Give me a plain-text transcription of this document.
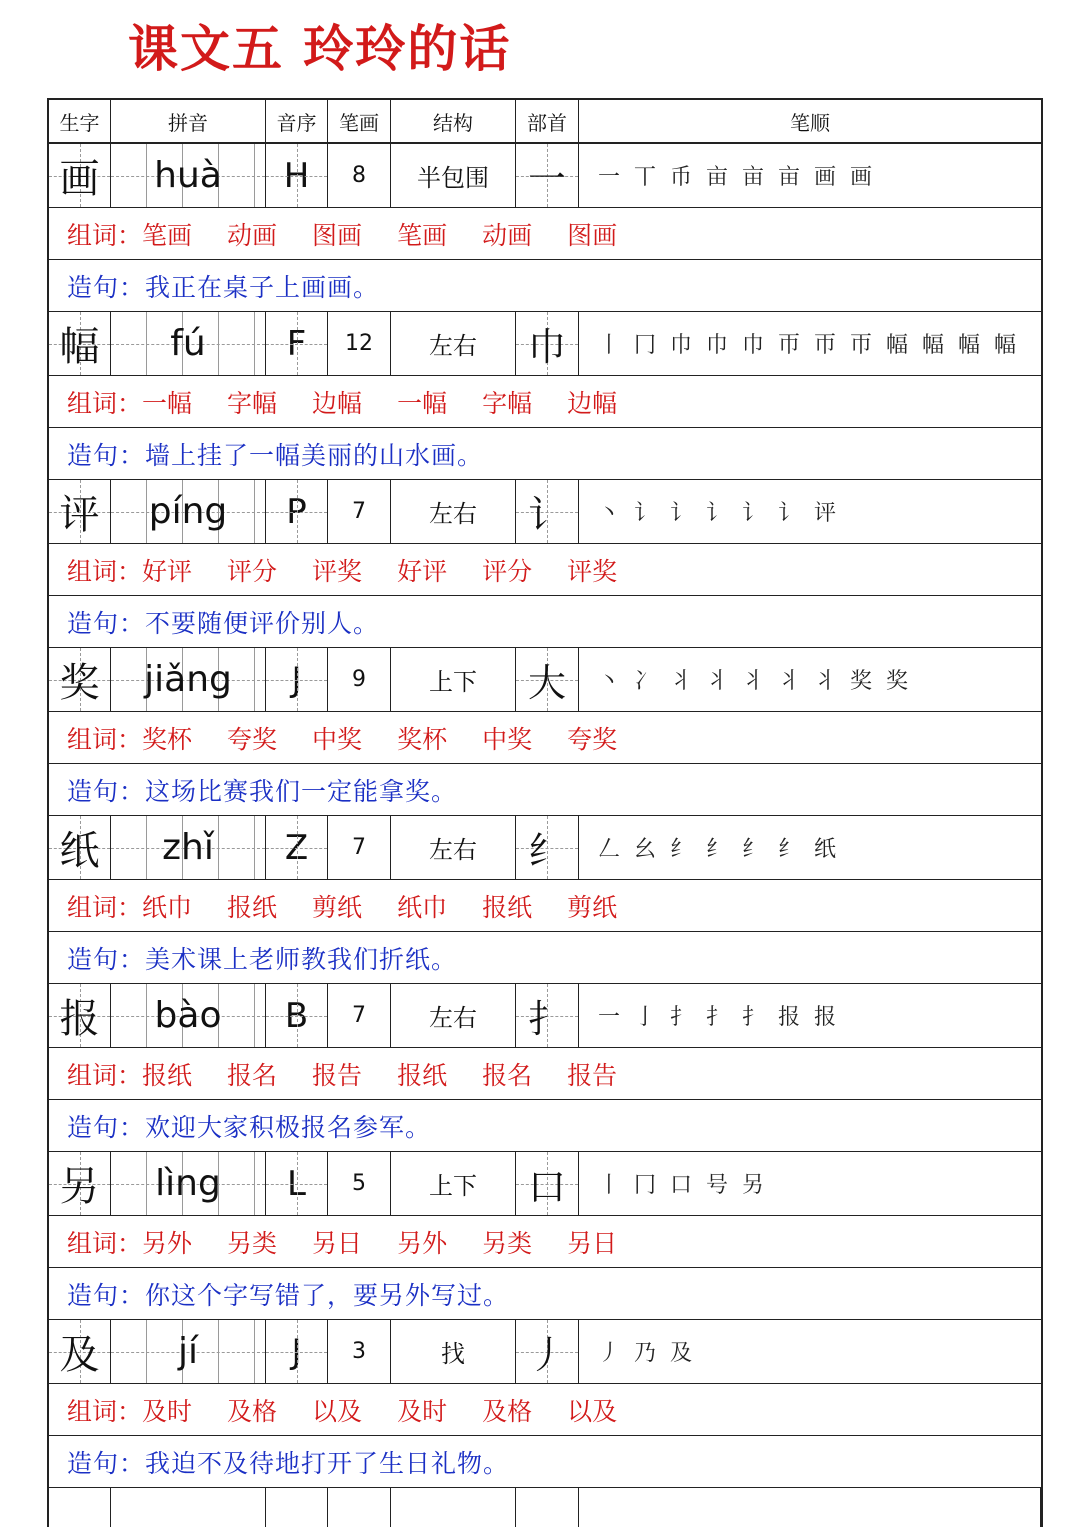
课文五 玲玲的话
生字	拼音	音序	笔画	结构	部首	笔顺
画 huà H 8 半包围 一	一 丅 币 亩 亩 亩 画 画
组词： 笔画 动画 图画 笔画 动画 图画
造句： 我正在桌子上画画。
幅 fú F 12 左右 巾	丨 冂 巾 巾 巾 帀 帀 帀 幅 幅 幅 幅
组词： 一幅 字幅 边幅 一幅 字幅 边幅
造句： 墙上挂了一幅美丽的山水画。
评 píng P 7	左右 讠	丶 讠 讠 讠 讠 讠 评
组词： 好评 评分 评奖 好评 评分 评奖
造句： 不要随便评价别人。
奖 jiǎng J 9	上下 大	丶 冫 丬 丬 丬 丬 丬 奖 奖
组词： 奖杯 夸奖 中奖 奖杯 中奖 夸奖
造句： 这场比赛我们一定能拿奖。
纸 zhǐ Z 7	左右 纟	𠃋 幺 纟 纟 纟 纟 纸
组词： 纸巾 报纸 剪纸 纸巾 报纸 剪纸
造句： 美术课上老师教我们折纸。
报 bào B 7	左右 扌	一 亅 扌 扌 扌 报 报
组词： 报纸 报名 报告 报纸 报名 报告
造句： 欢迎大家积极报名参军。
另 lìng L 5	上下 口	丨 冂 口 号 另
组词： 另外 另类 另日 另外 另类 另日
造句： 你这个字写错了，要另外写过。
及 jí	J 3	找 丿	丿 乃 及
组词： 及时 及格 以及 及时 及格 以及
造句： 我迫不及待地打开了生日礼物。
